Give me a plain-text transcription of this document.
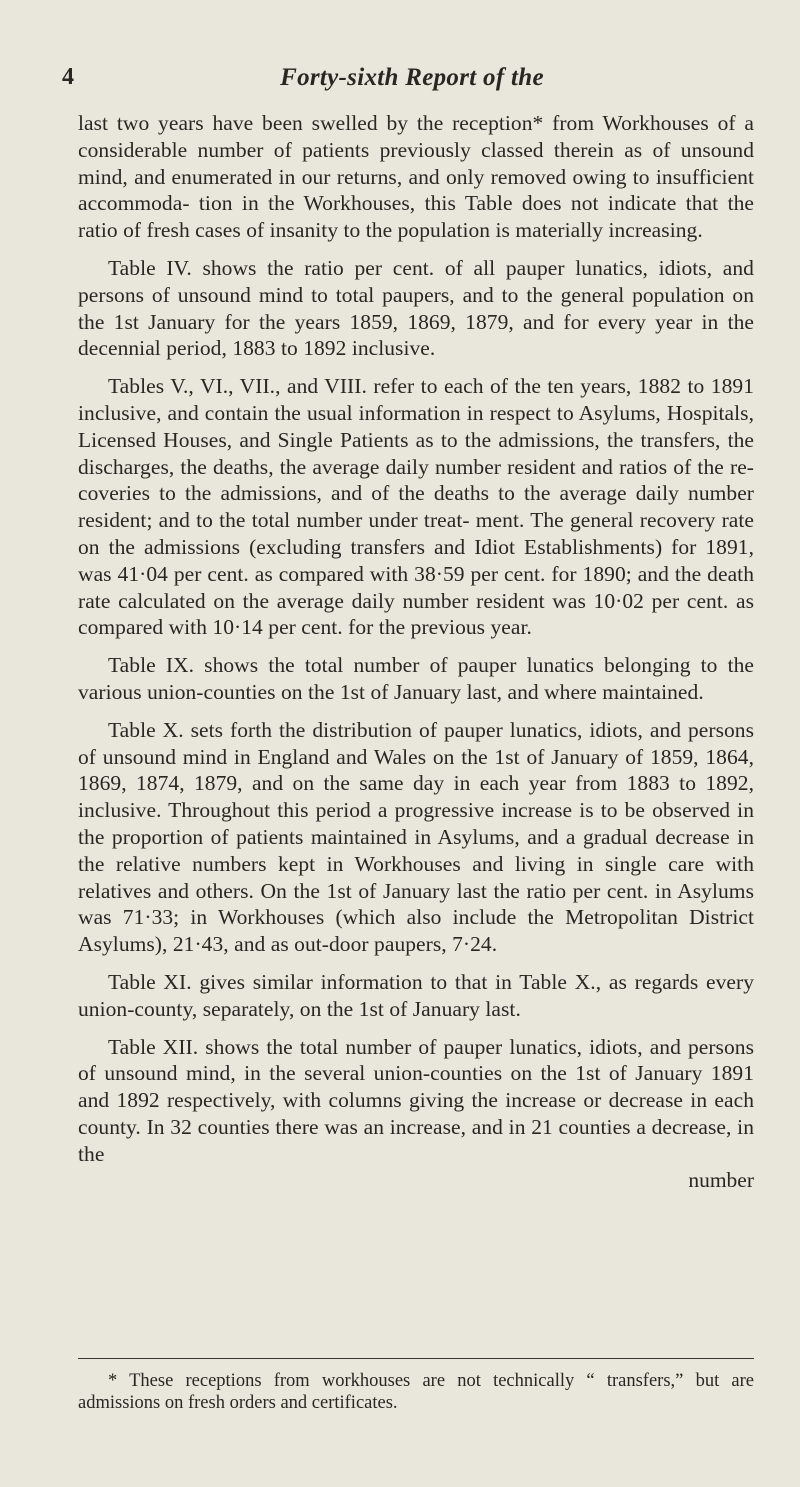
4	Forty-sixth Report of the

last two years have been swelled by the reception* from Workhouses of a considerable number of patients previously classed therein as of unsound mind, and enumerated in our returns, and only removed owing to insufficient accommoda- tion in the Workhouses, this Table does not indicate that the ratio of fresh cases of insanity to the population is materially increasing.

Table IV. shows the ratio per cent. of all pauper lunatics, idiots, and persons of unsound mind to total paupers, and to the general population on the 1st January for the years 1859, 1869, 1879, and for every year in the decennial period, 1883 to 1892 inclusive.

Tables V., VI., VII., and VIII. refer to each of the ten years, 1882 to 1891 inclusive, and contain the usual information in respect to Asylums, Hospitals, Licensed Houses, and Single Patients as to the admissions, the transfers, the discharges, the deaths, the average daily number resident and ratios of the re- coveries to the admissions, and of the deaths to the average daily number resident; and to the total number under treat- ment. The general recovery rate on the admissions (excluding transfers and Idiot Establishments) for 1891, was 41·04 per cent. as compared with 38·59 per cent. for 1890; and the death rate calculated on the average daily number resident was 10·02 per cent. as compared with 10·14 per cent. for the previous year.

Table IX. shows the total number of pauper lunatics belonging to the various union-counties on the 1st of January last, and where maintained.

Table X. sets forth the distribution of pauper lunatics, idiots, and persons of unsound mind in England and Wales on the 1st of January of 1859, 1864, 1869, 1874, 1879, and on the same day in each year from 1883 to 1892, inclusive. Throughout this period a progressive increase is to be observed in the proportion of patients maintained in Asylums, and a gradual decrease in the relative numbers kept in Workhouses and living in single care with relatives and others. On the 1st of January last the ratio per cent. in Asylums was 71·33; in Workhouses (which also include the Metropolitan District Asylums), 21·43, and as out-door paupers, 7·24.

Table XI. gives similar information to that in Table X., as regards every union-county, separately, on the 1st of January last.

Table XII. shows the total number of pauper lunatics, idiots, and persons of unsound mind, in the several union-counties on the 1st of January 1891 and 1892 respectively, with columns giving the increase or decrease in each county. In 32 counties there was an increase, and in 21 counties a decrease, in the

number

* These receptions from workhouses are not technically “ transfers,” but are admissions on fresh orders and certificates.
